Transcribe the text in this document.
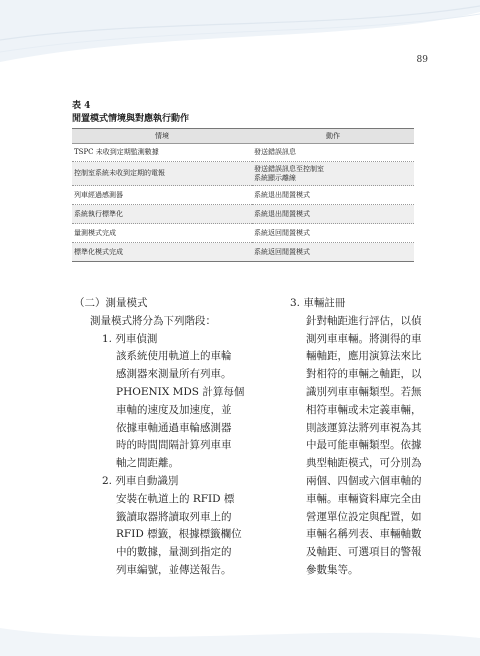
89
表 4
閒置模式情境與對應執行動作
情境	動作
TSPC 未收到定期監測數據	發送錯誤訊息
控制室系統未收到定期的電報	發送錯誤訊息至控制室
系統顯示離線
列車經過感測器	系統退出閒置模式
系統執行標準化	系統退出閒置模式
量測模式完成	系統返回閒置模式
標準化模式完成	系統返回閒置模式

（二）測量模式

測量模式將分為下列階段：

1. 列車偵測

該系統使用軌道上的車輪

感測器來測量所有列車。

PHOENIX MDS 計算每個

車軸的速度及加速度，並

依據車軸通過車輪感測器

時的時間間隔計算列車車

軸之間距離。

2. 列車自動識別

安裝在軌道上的 RFID 標

籤讀取器將讀取列車上的

RFID 標籤，根據標籤欄位

中的數據，量測到指定的

列車編號，並傳送報告。

3. 車輛註冊

針對軸距進行評估，以偵

測列車車輛。將測得的車

輛軸距，應用演算法來比

對相符的車輛之軸距，以

識別列車車輛類型。若無

相符車輛或未定義車輛，

則該運算法將列車視為其

中最可能車輛類型。依據

典型軸距模式，可分別為

兩個、四個或六個車軸的

車輛。車輛資料庫完全由

營運單位設定與配置，如

車輛名稱列表、車輛軸數

及軸距、可選項目的警報

參數集等。
